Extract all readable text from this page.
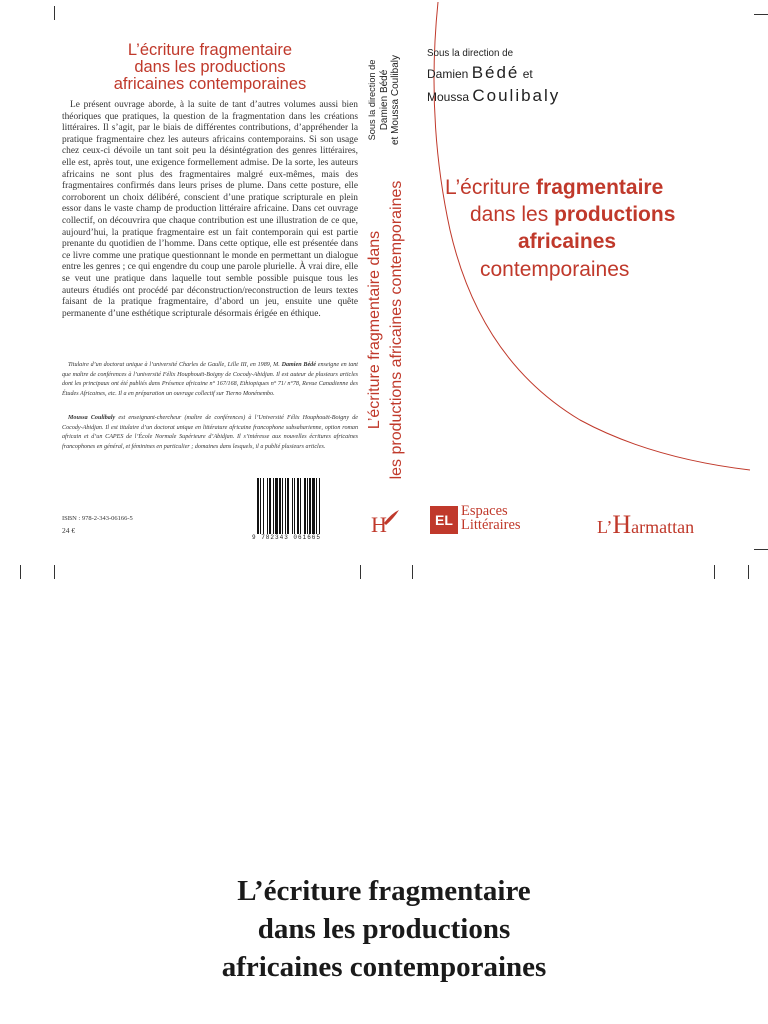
L’écriture fragmentaire
dans les productions
africaines contemporaines

Le présent ouvrage aborde, à la suite de tant d’autres volumes aussi bien théoriques que pratiques, la question de la fragmentation dans les créations littéraires. Il s’agit, par le biais de différentes contributions, d’appréhender la pratique fragmentaire chez les auteurs africains contemporains. Si son usage chez ceux-ci dévoile un tant soit peu la désintégration des genres littéraires, elle est, après tout, une exigence formellement admise. De la sorte, les auteurs africains ne sont plus des fragmentaires malgré eux-mêmes, mais des fragmentaires confirmés dans leurs prises de plume. Dans cette posture, elle corroborent un choix délibéré, conscient d’une pratique scripturale en plein essor dans le vaste champ de production littéraire africaine. Dans cet ouvrage collectif, on découvrira que chaque contribution est une illustration de ce que, aujourd’hui, la pratique fragmentaire est un fait contemporain qui est partie prenante du quotidien de l’homme. Dans cette optique, elle est présentée dans ce livre comme une pratique questionnant le monde en permettant un dialogue entre les genres ; ce qui engendre du coup une parole plurielle. À vrai dire, elle se veut une pratique dans laquelle tout semble possible puisque tous les auteurs étudiés ont procédé par déconstruction/reconstruction de leurs textes faisant de la pratique fragmentaire, d’abord un jeu, ensuite une quête permanente d’une esthétique scripturale désormais érigée en éthique.

Titulaire d’un doctorat unique à l’université Charles de Gaulle, Lille III, en 1989, M. Damien Bédé enseigne en tant que maître de conférences à l’université Félix Houphouët-Boigny de Cocody-Abidjan. Il est auteur de plusieurs articles dont les principaux ont été publiés dans Présence africaine n° 167/168, Ethiopiques n° 71/ n°78, Revue Canadienne des Études Africaines, etc. Il a en préparation un ouvrage collectif sur Tierno Monénembo.

Moussa Coulibaly est enseignant-chercheur (maître de conférences) à l’Université Félix Houphouët-Boigny de Cocody-Abidjan. Il est titulaire d’un doctorat unique en littérature africaine francophone subsaharienne, option roman africain et d’un CAPES de l’École Normale Supérieure d’Abidjan. Il s’intéresse aux nouvelles écritures africaines francophones en général, et féminines en particulier ; domaines dans lesquels, il a publié plusieurs articles.

ISBN : 978-2-343-06166-5
24 €
9 782343 061665
Sous la direction de Damien Bédé et Moussa Coulibaly
L’écriture fragmentaire dans les productions africaines contemporaines
H
Sous la direction de
Damien Bédé et
Moussa Coulibaly
L’écriture fragmentaire
dans les productions
africaines
contemporaines
EL
Espaces
Littéraires	L’Harmattan
L’écriture fragmentaire
dans les productions
africaines contemporaines
